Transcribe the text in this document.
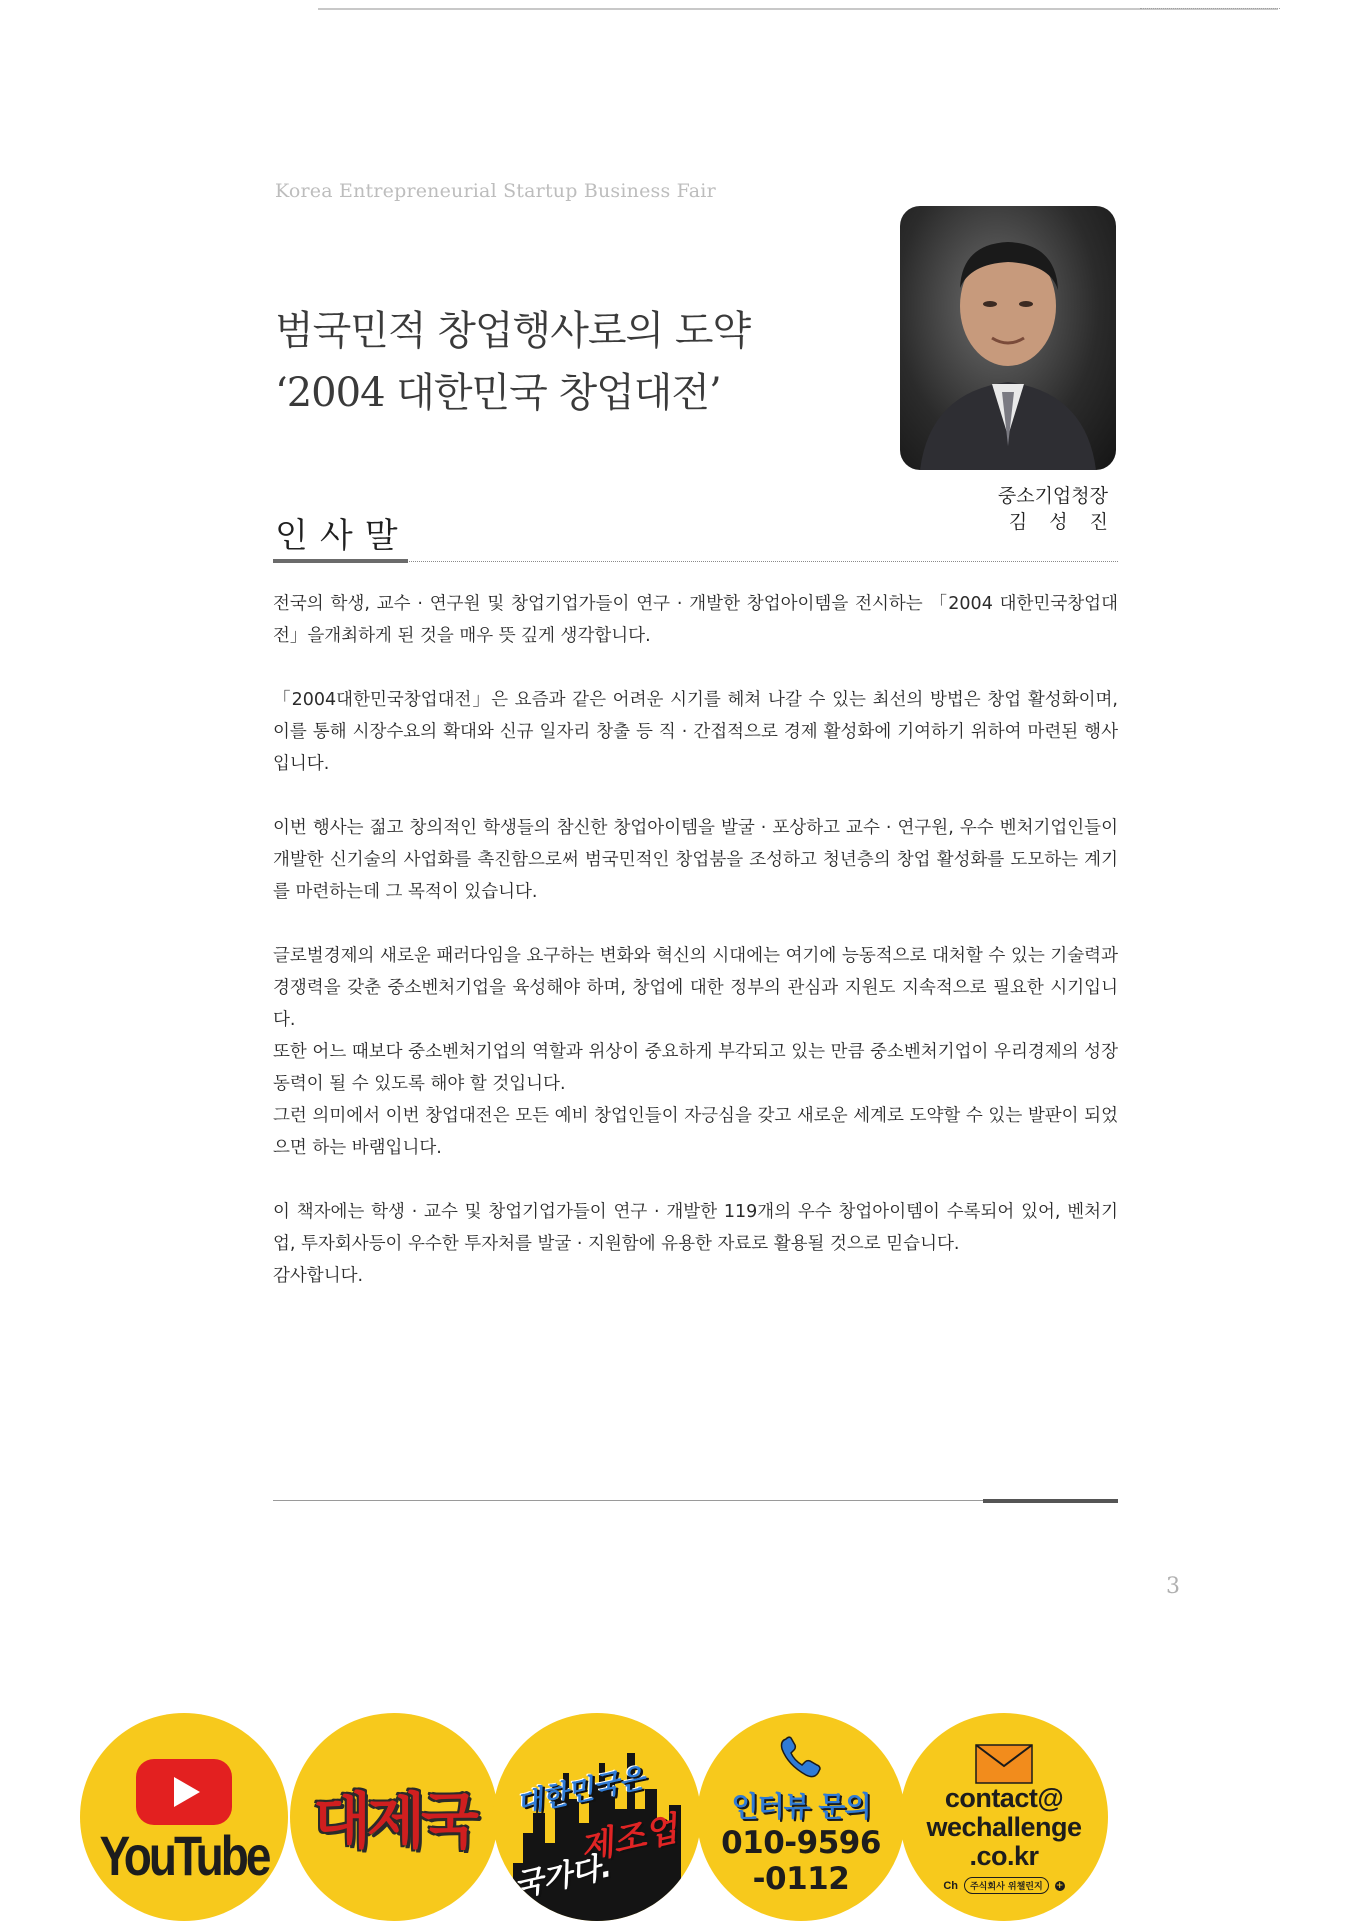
Korea Entrepreneurial Startup Business Fair
범국민적 창업행사로의 도약
‘2004 대한민국 창업대전’
중소기업청장
김 성 진
인사말

전국의 학생, 교수 · 연구원 및 창업기업가들이 연구 · 개발한 창업아이템을 전시하는 「2004 대한민국창업대전」을개최하게 된 것을 매우 뜻 깊게 생각합니다.

「2004대한민국창업대전」은 요즘과 같은 어려운 시기를 헤쳐 나갈 수 있는 최선의 방법은 창업 활성화이며, 이를 통해 시장수요의 확대와 신규 일자리 창출 등 직 · 간접적으로 경제 활성화에 기여하기 위하여 마련된 행사입니다.

이번 행사는 젊고 창의적인 학생들의 참신한 창업아이템을 발굴 · 포상하고 교수 · 연구원, 우수 벤처기업인들이 개발한 신기술의 사업화를 촉진함으로써 범국민적인 창업붐을 조성하고 청년층의 창업 활성화를 도모하는 계기를 마련하는데 그 목적이 있습니다.

글로벌경제의 새로운 패러다임을 요구하는 변화와 혁신의 시대에는 여기에 능동적으로 대처할 수 있는 기술력과 경쟁력을 갖춘 중소벤처기업을 육성해야 하며, 창업에 대한 정부의 관심과 지원도 지속적으로 필요한 시기입니다.

또한 어느 때보다 중소벤처기업의 역할과 위상이 중요하게 부각되고 있는 만큼 중소벤처기업이 우리경제의 성장 동력이 될 수 있도록 해야 할 것입니다.

그런 의미에서 이번 창업대전은 모든 예비 창업인들이 자긍심을 갖고 새로운 세계로 도약할 수 있는 발판이 되었으면 하는 바램입니다.

이 책자에는 학생 · 교수 및 창업기업가들이 연구 · 개발한 119개의 우수 창업아이템이 수록되어 있어, 벤처기업, 투자회사등이 우수한 투자처를 발굴 · 지원함에 유용한 자료로 활용될 것으로 믿습니다.

감사합니다.

3
YouTube 대제국 대한민국은
제조업
국가다.
인터뷰 문의
010-9596
-0112
contact@
wechallenge
.co.kr
Ch	주식회사 위챌린지	+
